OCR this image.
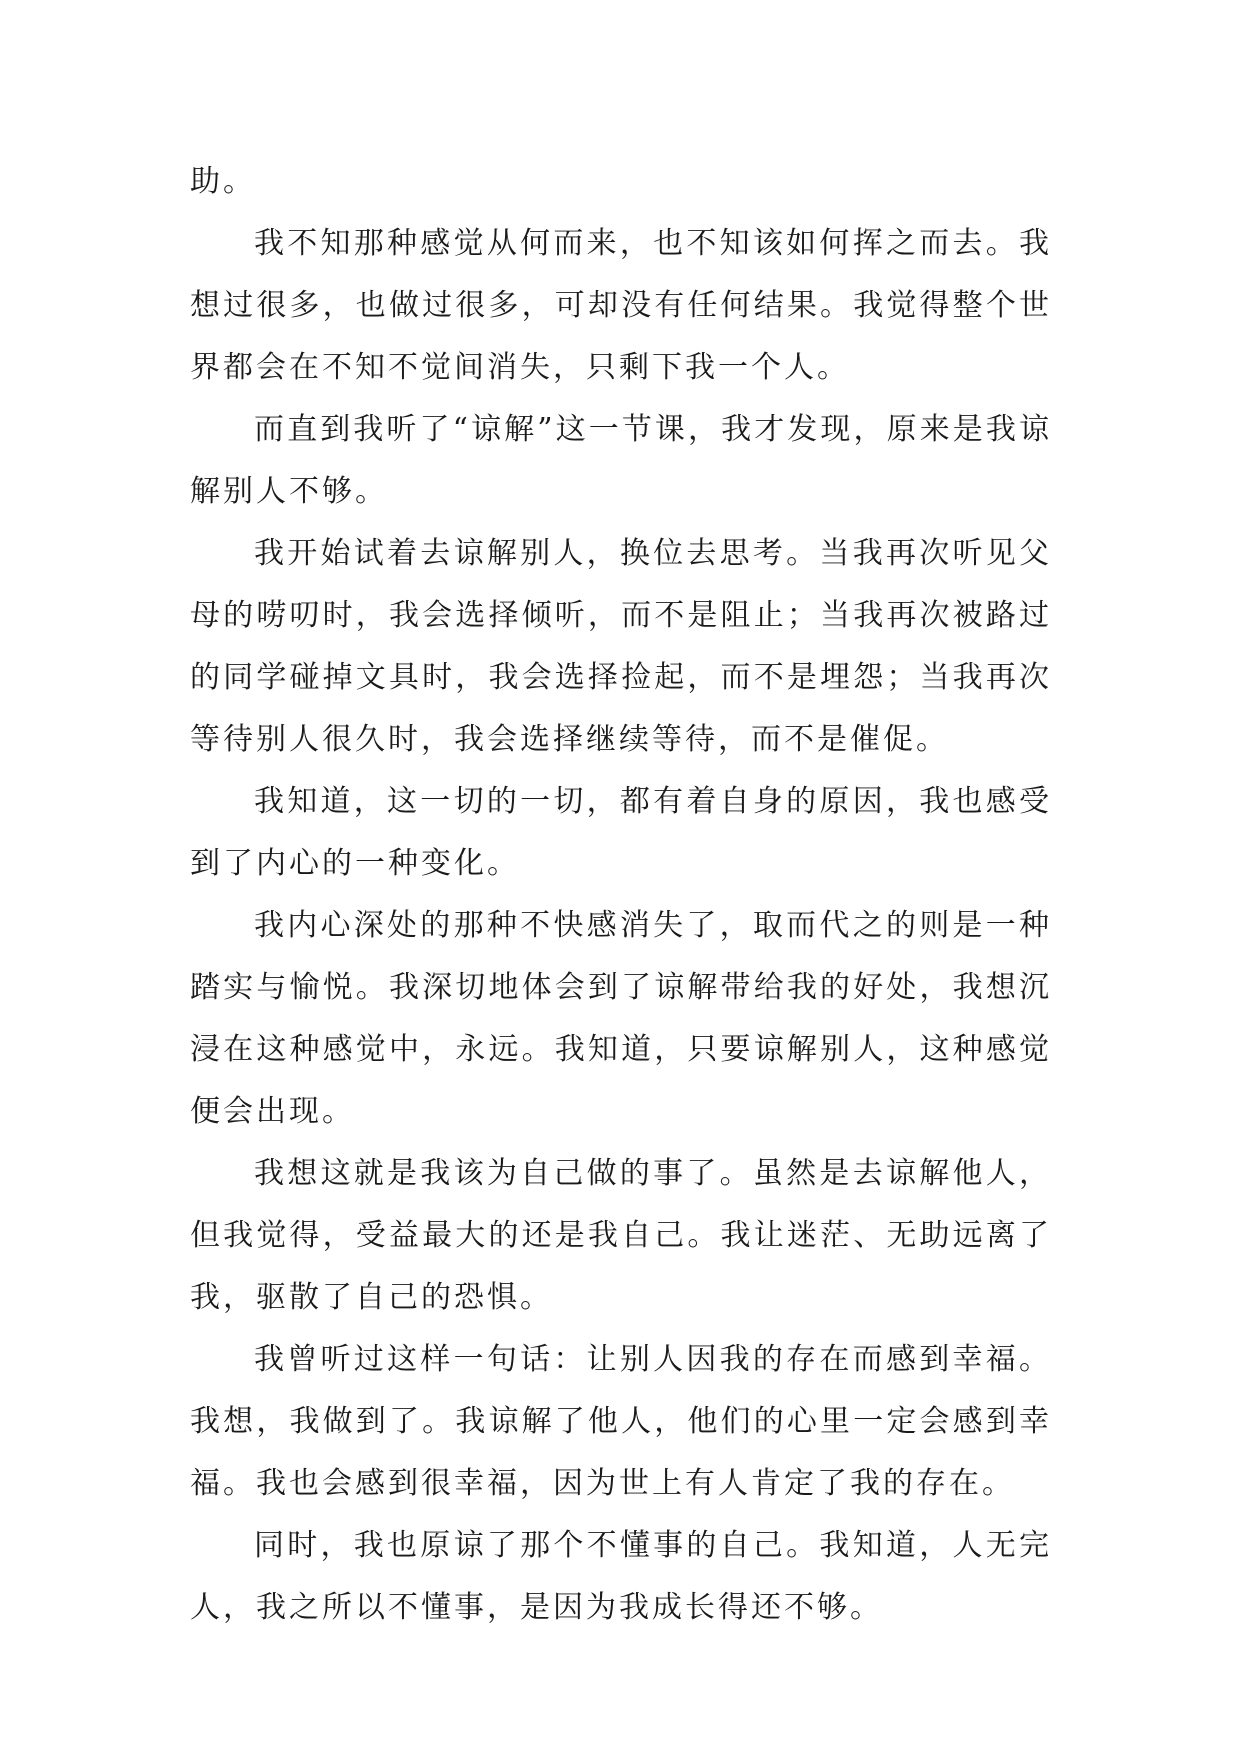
助。

我不知那种感觉从何而来，也不知该如何挥之而去。我想过很多，也做过很多，可却没有任何结果。我觉得整个世界都会在不知不觉间消失，只剩下我一个人。

而直到我听了“谅解”这一节课，我才发现，原来是我谅解别人不够。

我开始试着去谅解别人，换位去思考。当我再次听见父母的唠叨时，我会选择倾听，而不是阻止；当我再次被路过的同学碰掉文具时，我会选择捡起，而不是埋怨；当我再次等待别人很久时，我会选择继续等待，而不是催促。

我知道，这一切的一切，都有着自身的原因，我也感受到了内心的一种变化。

我内心深处的那种不快感消失了，取而代之的则是一种踏实与愉悦。我深切地体会到了谅解带给我的好处，我想沉浸在这种感觉中，永远。我知道，只要谅解别人，这种感觉便会出现。

我想这就是我该为自己做的事了。虽然是去谅解他人，但我觉得，受益最大的还是我自己。我让迷茫、无助远离了我，驱散了自己的恐惧。

我曾听过这样一句话：让别人因我的存在而感到幸福。我想，我做到了。我谅解了他人，他们的心里一定会感到幸福。我也会感到很幸福，因为世上有人肯定了我的存在。

同时，我也原谅了那个不懂事的自己。我知道，人无完人，我之所以不懂事，是因为我成长得还不够。
